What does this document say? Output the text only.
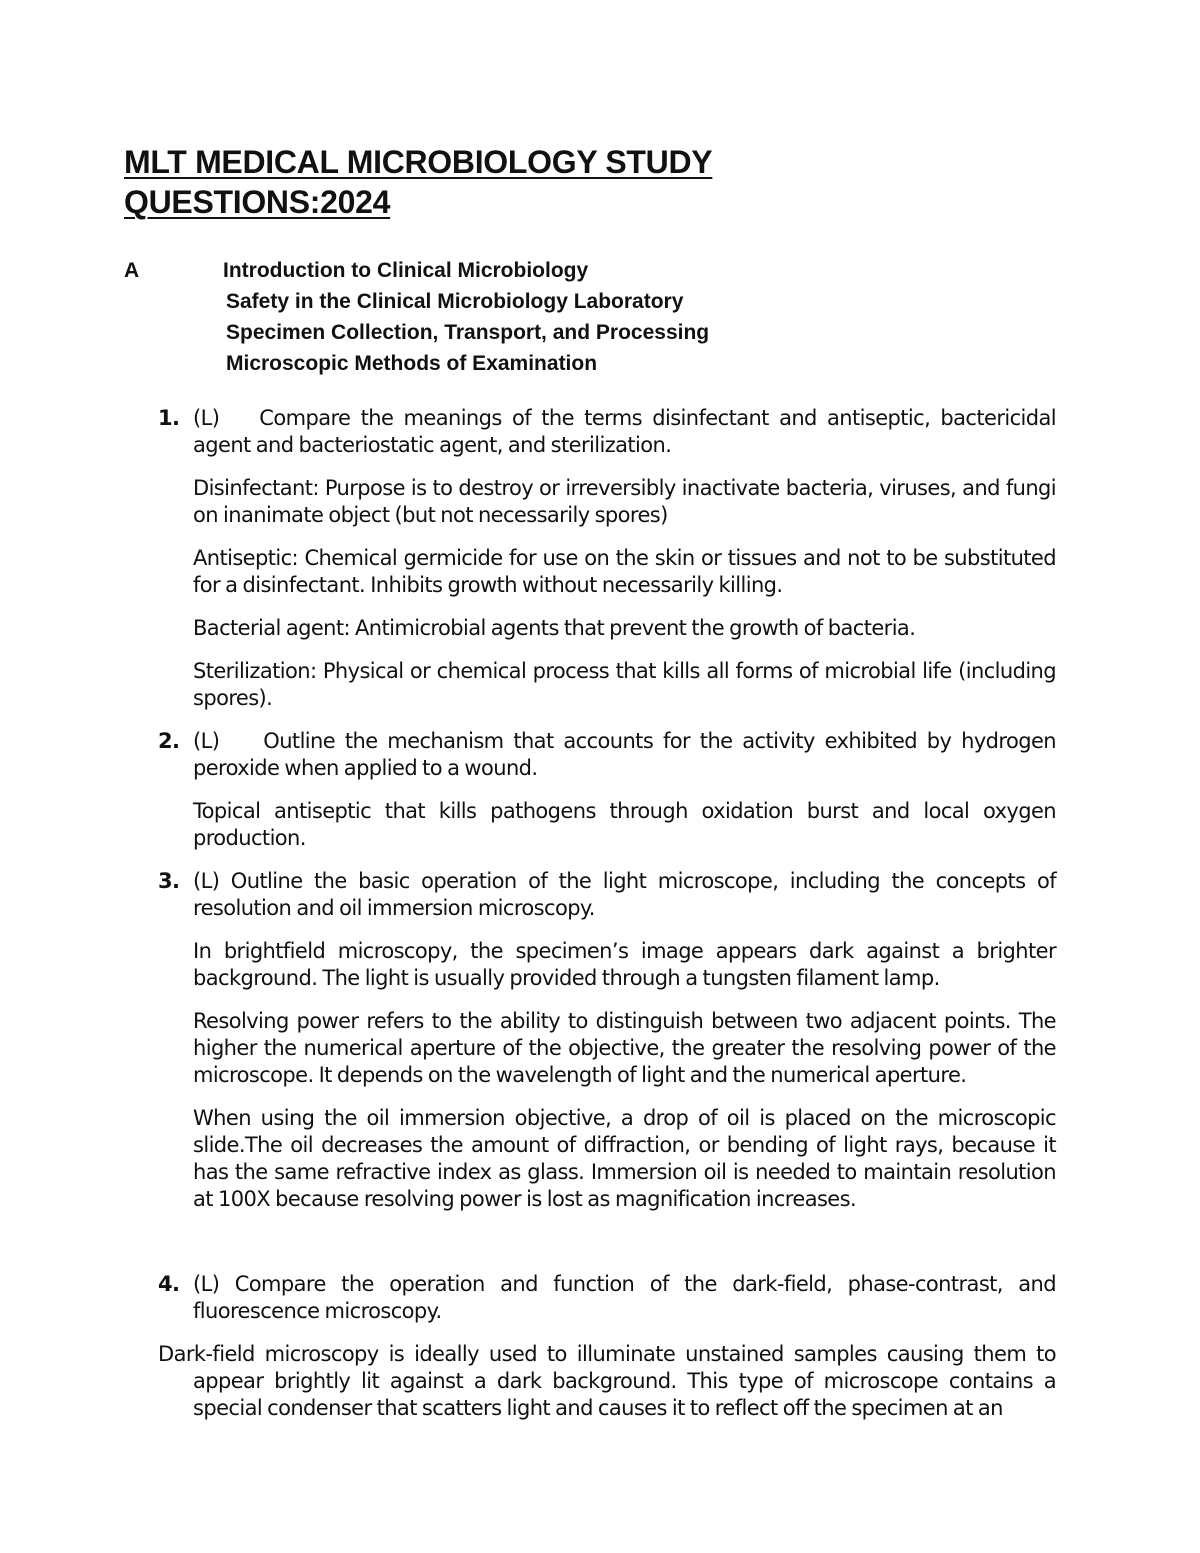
MLT MEDICAL MICROBIOLOGY STUDY
QUESTIONS:2024
A	Introduction to Clinical Microbiology
Safety in the Clinical Microbiology Laboratory
Specimen Collection, Transport, and Processing
Microscopic Methods of Examination
1. (L) Compare the meanings of the terms disinfectant and antiseptic, bactericidal agent and bacteriostatic agent, and sterilization.
Disinfectant: Purpose is to destroy or irreversibly inactivate bacteria, viruses, and fungi on inanimate object (but not necessarily spores)
Antiseptic: Chemical germicide for use on the skin or tissues and not to be substituted for a disinfectant. Inhibits growth without necessarily killing.
Bacterial agent: Antimicrobial agents that prevent the growth of bacteria.
Sterilization: Physical or chemical process that kills all forms of microbial life (including spores).
2. (L) Outline the mechanism that accounts for the activity exhibited by hydrogen peroxide when applied to a wound.
Topical antiseptic that kills pathogens through oxidation burst and local oxygen production.
3. (L) Outline the basic operation of the light microscope, including the concepts of resolution and oil immersion microscopy.
In brightfield microscopy, the specimen’s image appears dark against a brighter background. The light is usually provided through a tungsten filament lamp.
Resolving power refers to the ability to distinguish between two adjacent points. The higher the numerical aperture of the objective, the greater the resolving power of the microscope. It depends on the wavelength of light and the numerical aperture.
When using the oil immersion objective, a drop of oil is placed on the microscopic slide.The oil decreases the amount of diffraction, or bending of light rays, because it has the same refractive index as glass. Immersion oil is needed to maintain resolution at 100X because resolving power is lost as magnification increases.
4. (L) Compare the operation and function of the dark-field, phase-contrast, and fluorescence microscopy.
Dark-field microscopy is ideally used to illuminate unstained samples causing them to appear brightly lit against a dark background. This type of microscope contains a special condenser that scatters light and causes it to reflect off the specimen at an
